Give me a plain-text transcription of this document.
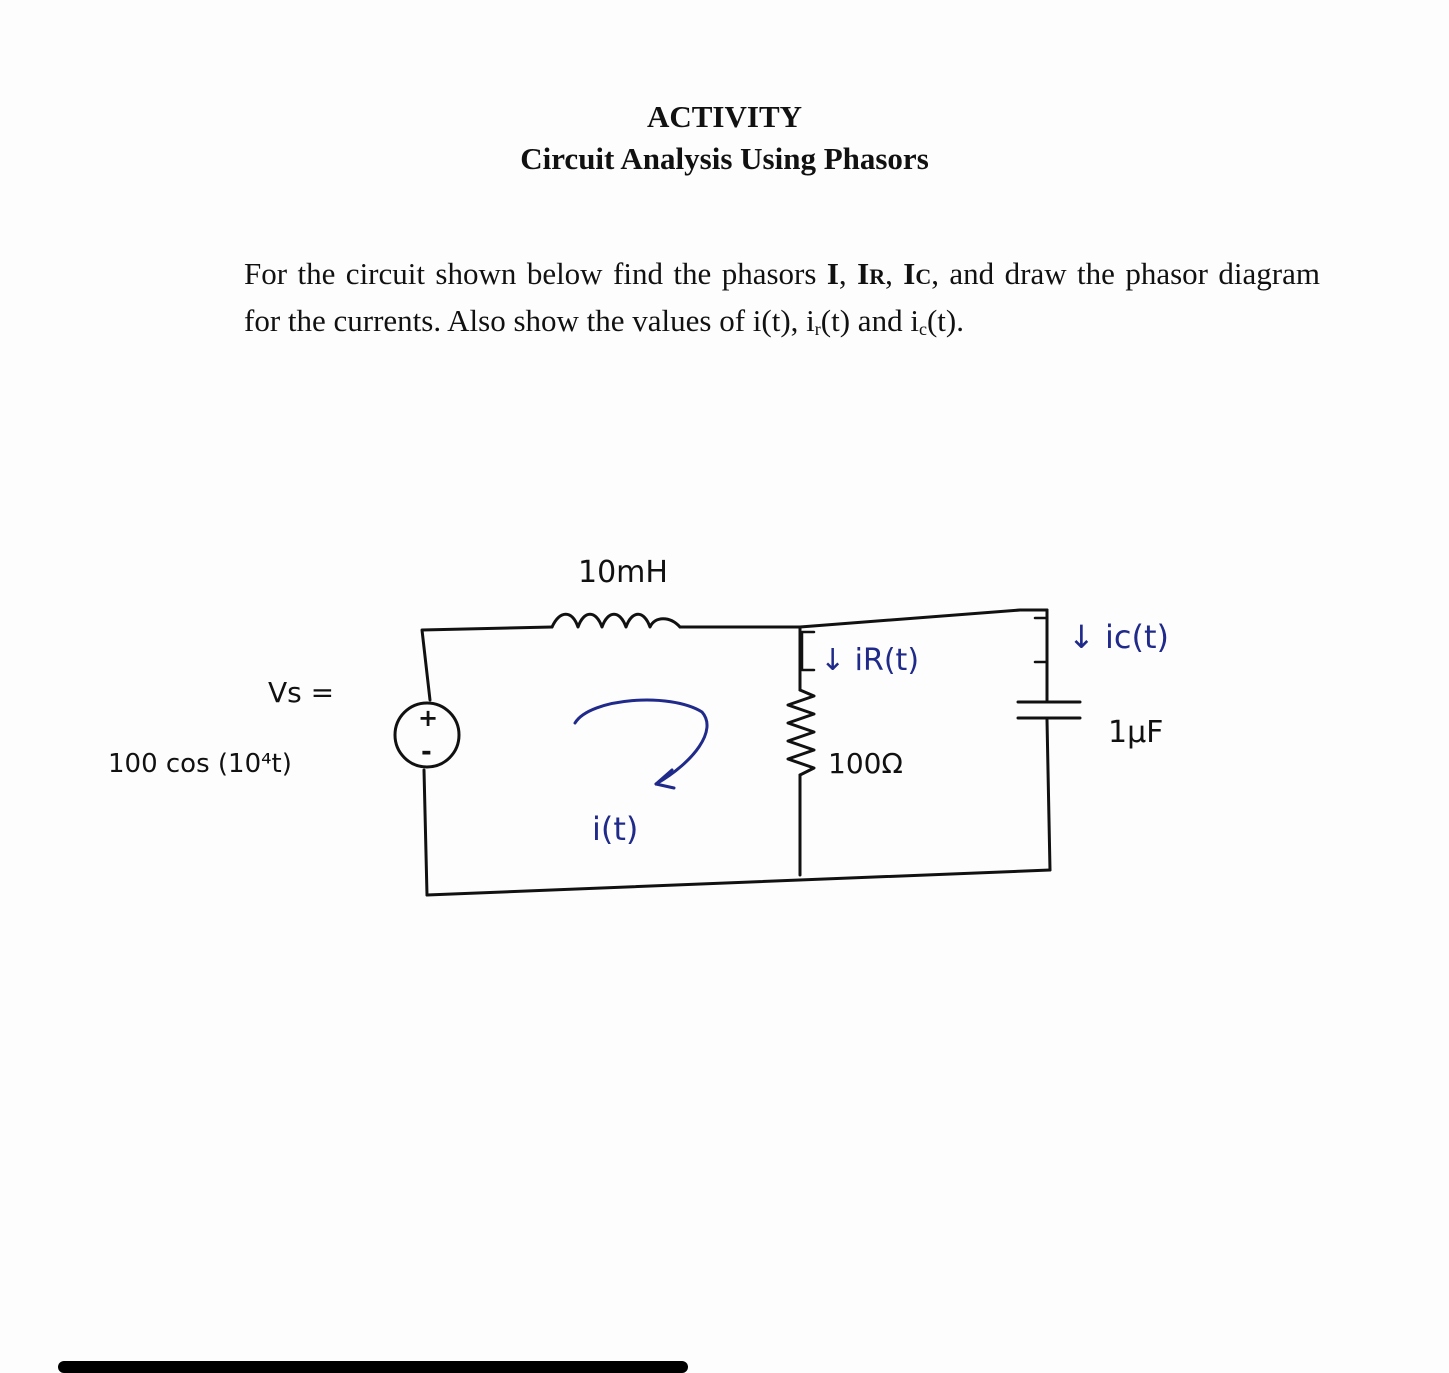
ACTIVITY
Circuit Analysis Using Phasors
For the circuit shown below find the phasors I, IR, IC, and draw the phasor diagram for the currents. Also show the values of i(t), $i_r(t)$ and $i_c(t)$.
10mH
Vs =
100 cos (10⁴t)
+
-
i(t)
↓ iR(t)
100Ω
↓ ic(t)
1μF
